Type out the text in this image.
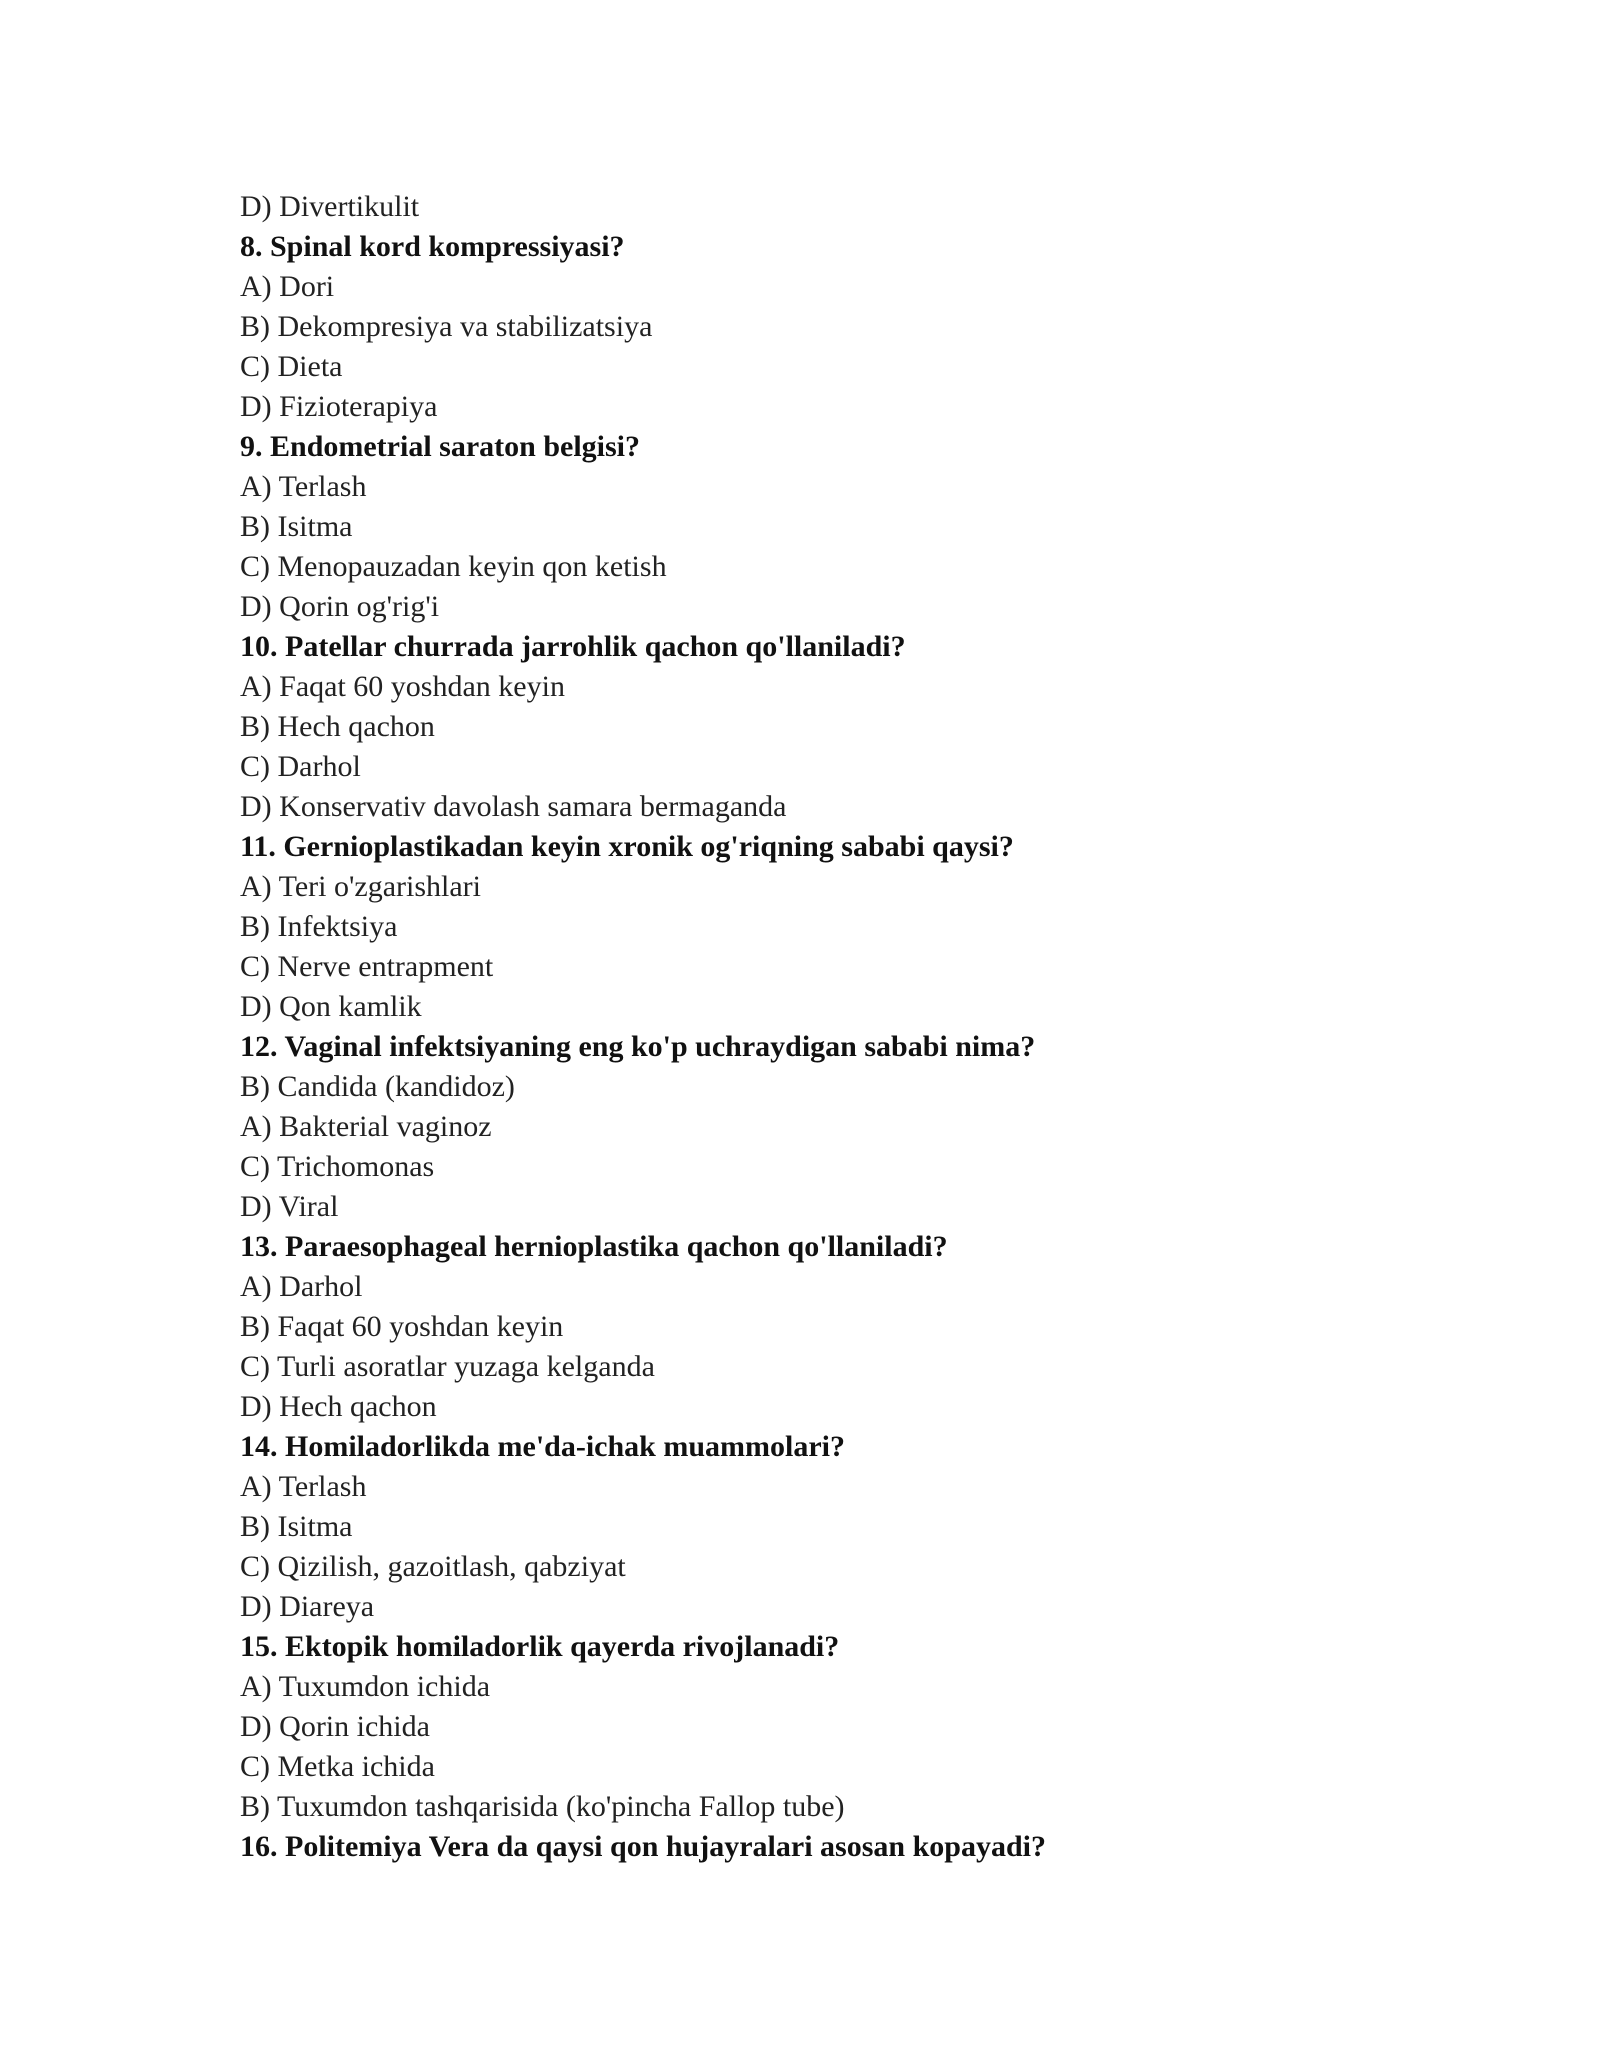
D) Divertikulit
8. Spinal kord kompressiyasi?
A) Dori
B) Dekompresiya va stabilizatsiya
C) Dieta
D) Fizioterapiya
9. Endometrial saraton belgisi?
A) Terlash
B) Isitma
C) Menopauzadan keyin qon ketish
D) Qorin og'rig'i
10. Patellar churrada jarrohlik qachon qo'llaniladi?
A) Faqat 60 yoshdan keyin
B) Hech qachon
C) Darhol
D) Konservativ davolash samara bermaganda
11. Gernioplastikadan keyin xronik og'riqning sababi qaysi?
A) Teri o'zgarishlari
B) Infektsiya
C) Nerve entrapment
D) Qon kamlik
12. Vaginal infektsiyaning eng ko'p uchraydigan sababi nima?
B) Candida (kandidoz)
A) Bakterial vaginoz
C) Trichomonas
D) Viral
13. Paraesophageal hernioplastika qachon qo'llaniladi?
A) Darhol
B) Faqat 60 yoshdan keyin
C) Turli asoratlar yuzaga kelganda
D) Hech qachon
14. Homiladorlikda me'da-ichak muammolari?
A) Terlash
B) Isitma
C) Qizilish, gazoitlash, qabziyat
D) Diareya
15. Ektopik homiladorlik qayerda rivojlanadi?
A) Tuxumdon ichida
D) Qorin ichida
C) Metka ichida
B) Tuxumdon tashqarisida (ko'pincha Fallop tube)
16. Politemiya Vera da qaysi qon hujayralari asosan kopayadi?
